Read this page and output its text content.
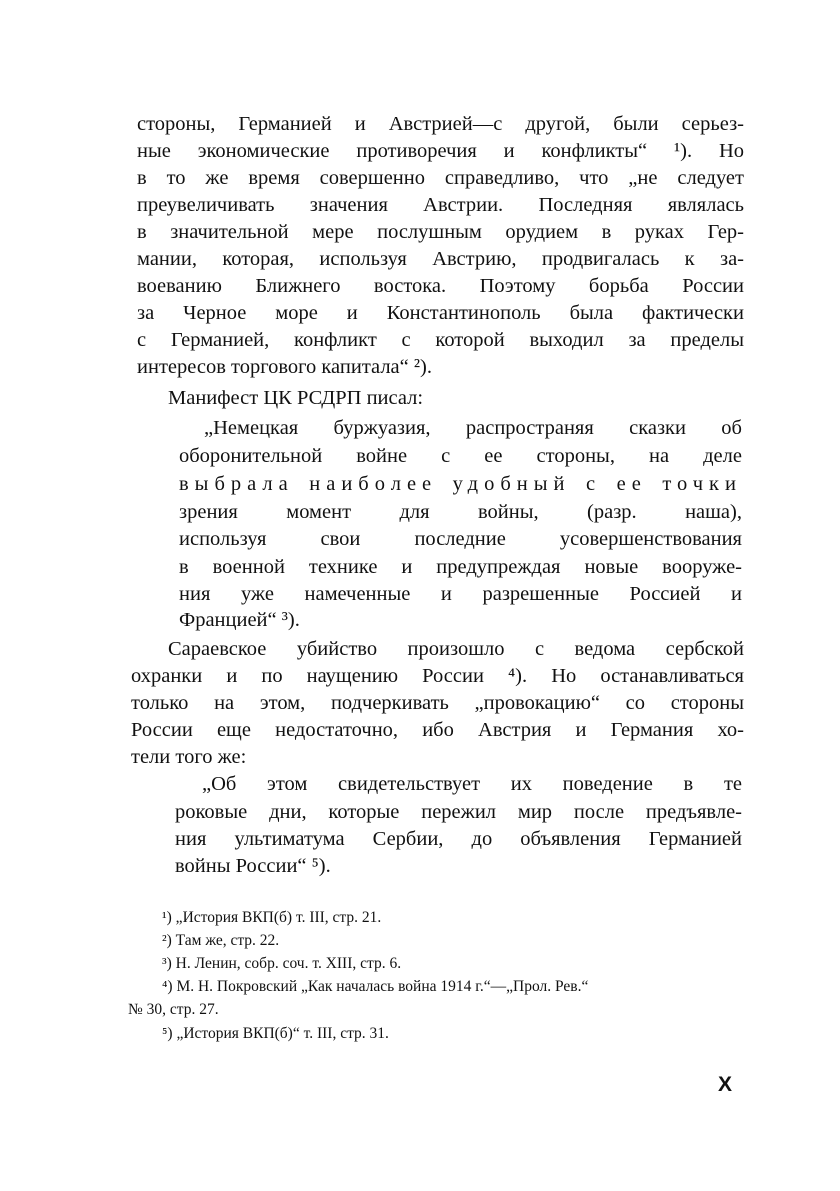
стороны, Германией и Австрией—с другой, были серьез-
ные экономические противоречия и конфликты“ ¹). Но
в то же время совершенно справедливо, что „не следует
преувеличивать значения Австрии. Последняя являлась
в значительной мере послушным орудием в руках Гер-
мании, которая, используя Австрию, продвигалась к за-
воеванию Ближнего востока. Поэтому борьба России
за Черное море и Константинополь была фактически
с Германией, конфликт с которой выходил за пределы
интересов торгового капитала“ ²).
Манифест ЦК РСДРП писал:
„Немецкая буржуазия, распространяя сказки об
оборонительной войне с ее стороны, на деле
выбрала наиболее удобный с ее точки
зрения момент для войны, (разр. наша),
используя свои последние усовершенствования
в военной технике и предупреждая новые вооруже-
ния уже намеченные и разрешенные Россией и
Францией“ ³).
Сараевское убийство произошло с ведома сербской
охранки и по наущению России ⁴). Но останавливаться
только на этом, подчеркивать „провокацию“ со стороны
России еще недостаточно, ибо Австрия и Германия хо-
тели того же:
„Об этом свидетельствует их поведение в те
роковые дни, которые пережил мир после предъявле-
ния ультиматума Сербии, до объявления Германией
войны России“ ⁵).
¹) „История ВКП(б) т. III, стр. 21.
²) Там же, стр. 22.
³) Н. Ленин, собр. соч. т. XIII, стр. 6.
⁴) М. Н. Покровский „Как началась война 1914 г.“—„Прол. Рев.“
№ 30, стр. 27.
⁵) „История ВКП(б)“ т. III, стр. 31.
X
